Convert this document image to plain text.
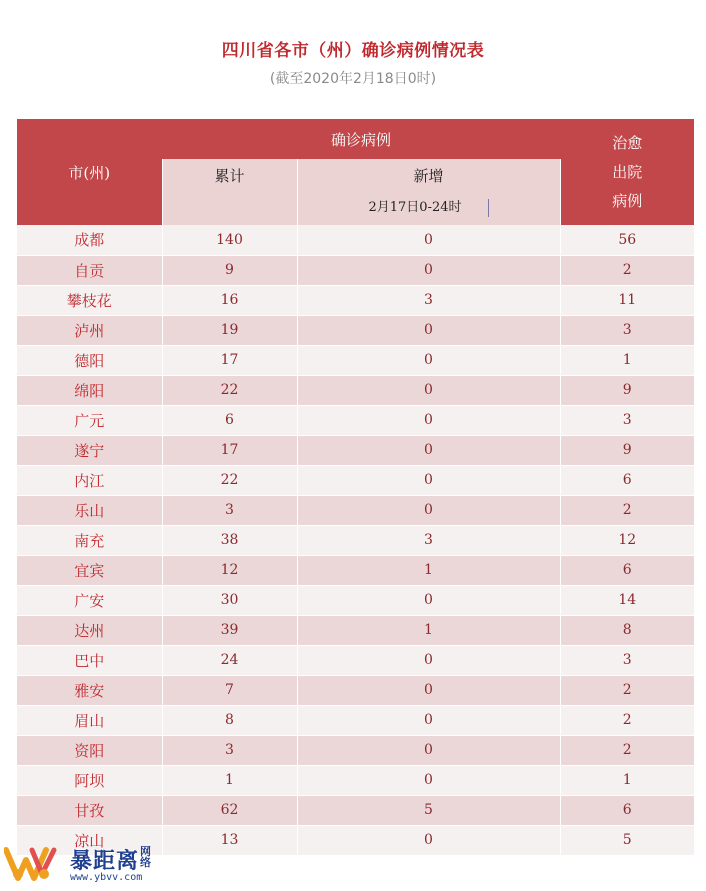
四川省各市（州）确诊病例情况表
(截至2020年2月18日0时)
市(州)	确诊病例		治愈
出院
病例

	累计	新增
2月17日0-24时	

成都	140	0	56
自贡	9	0	2
攀枝花	16	3	11
泸州	19	0	3
德阳	17	0	1
绵阳	22	0	9
广元	6	0	3
遂宁	17	0	9
内江	22	0	6
乐山	3	0	2
南充	38	3	12
宜宾	12	1	6
广安	30	0	14
达州	39	1	8
巴中	24	0	3
雅安	7	0	2
眉山	8	0	2
资阳	3	0	2
阿坝	1	0	1
甘孜	62	5	6
凉山	13	0	5
暴距离 网络
www.ybvv.com
